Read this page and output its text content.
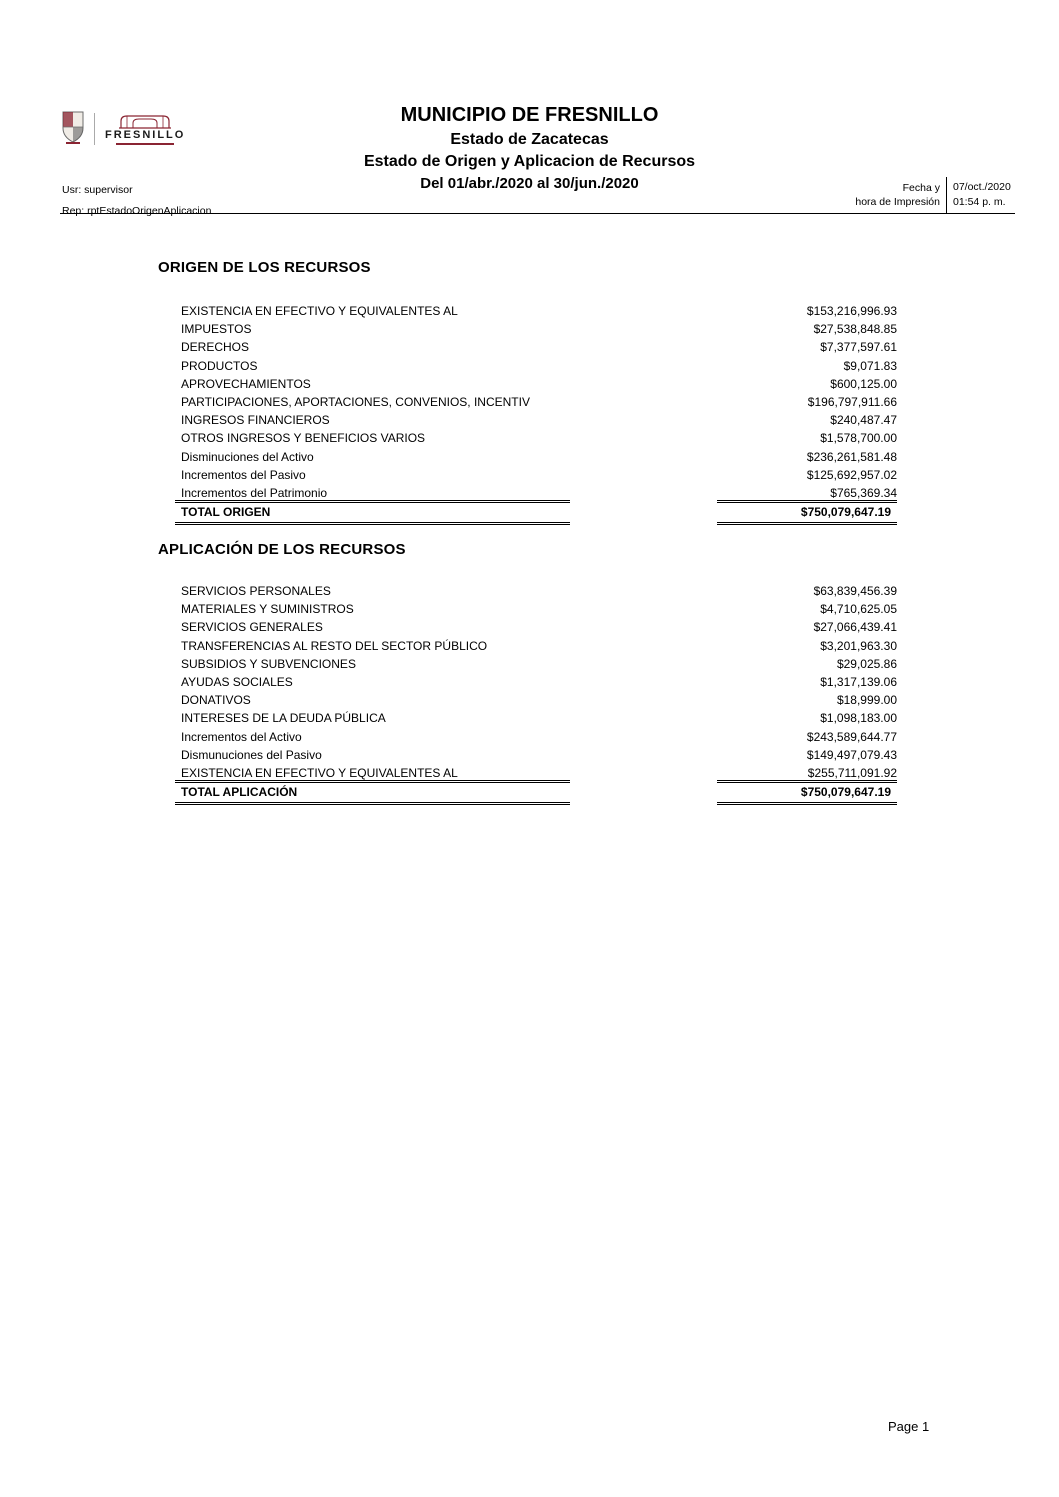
FRESNILLO
MUNICIPIO DE FRESNILLO
Estado de Zacatecas
Estado de Origen y Aplicacion de Recursos
Del 01/abr./2020 al 30/jun./2020
Usr: supervisor
Rep: rptEstadoOrigenAplicacion
Fecha y
hora de Impresión
07/oct./2020
01:54 p. m.
ORIGEN DE LOS RECURSOS
EXISTENCIA EN EFECTIVO Y EQUIVALENTES AL	$153,216,996.93
IMPUESTOS	$27,538,848.85
DERECHOS	$7,377,597.61
PRODUCTOS	$9,071.83
APROVECHAMIENTOS	$600,125.00
PARTICIPACIONES, APORTACIONES, CONVENIOS, INCENTIV	$196,797,911.66
INGRESOS FINANCIEROS	$240,487.47
OTROS INGRESOS Y BENEFICIOS VARIOS	$1,578,700.00
Disminuciones del Activo	$236,261,581.48
Incrementos del Pasivo	$125,692,957.02
Incrementos del Patrimonio	$765,369.34
TOTAL ORIGEN	$750,079,647.19
APLICACIÓN DE LOS RECURSOS
SERVICIOS PERSONALES	$63,839,456.39
MATERIALES Y SUMINISTROS	$4,710,625.05
SERVICIOS GENERALES	$27,066,439.41
TRANSFERENCIAS AL RESTO DEL SECTOR PÚBLICO	$3,201,963.30
SUBSIDIOS Y SUBVENCIONES	$29,025.86
AYUDAS SOCIALES	$1,317,139.06
DONATIVOS	$18,999.00
INTERESES DE LA DEUDA PÚBLICA	$1,098,183.00
Incrementos del Activo	$243,589,644.77
Dismunuciones del Pasivo	$149,497,079.43
EXISTENCIA EN EFECTIVO Y EQUIVALENTES AL	$255,711,091.92
TOTAL APLICACIÓN	$750,079,647.19
Page 1
